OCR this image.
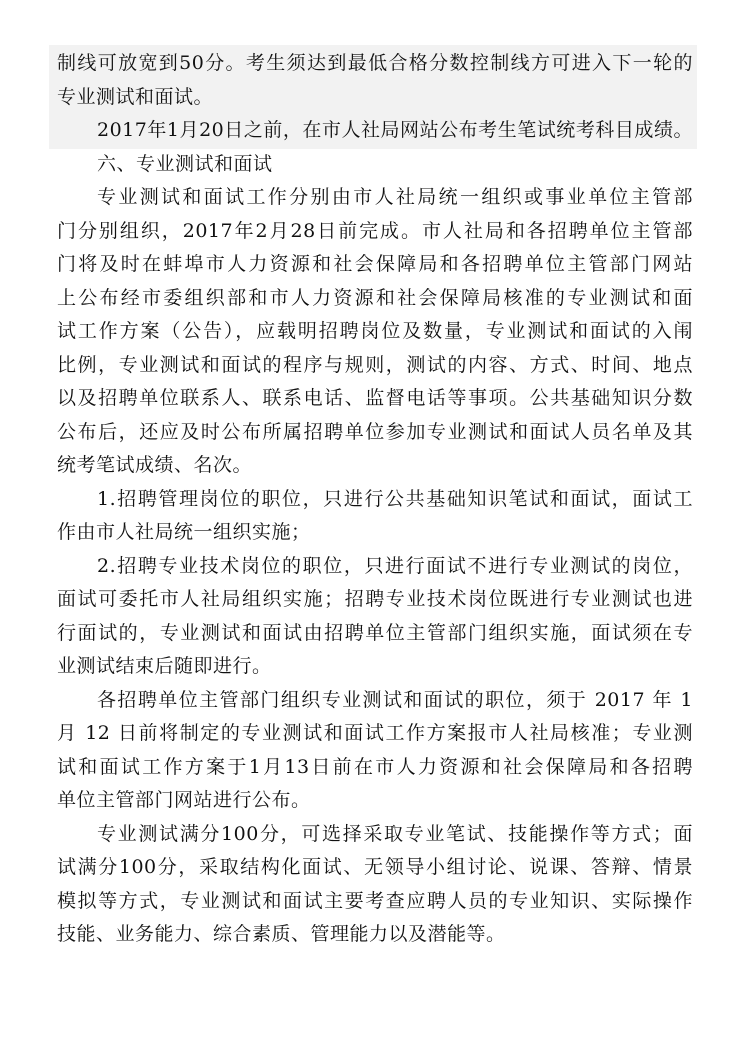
制线可放宽到50分。考生须达到最低合格分数控制线方可进入下一轮的
专业测试和面试。
2017年1月20日之前，在市人社局网站公布考生笔试统考科目成绩。
六、专业测试和面试
专业测试和面试工作分别由市人社局统一组织或事业单位主管部
门分别组织，2017年2月28日前完成。市人社局和各招聘单位主管部
门将及时在蚌埠市人力资源和社会保障局和各招聘单位主管部门网站
上公布经市委组织部和市人力资源和社会保障局核准的专业测试和面
试工作方案（公告），应载明招聘岗位及数量，专业测试和面试的入闱
比例，专业测试和面试的程序与规则，测试的内容、方式、时间、地点
以及招聘单位联系人、联系电话、监督电话等事项。公共基础知识分数
公布后，还应及时公布所属招聘单位参加专业测试和面试人员名单及其
统考笔试成绩、名次。
1.招聘管理岗位的职位，只进行公共基础知识笔试和面试，面试工
作由市人社局统一组织实施；
2.招聘专业技术岗位的职位，只进行面试不进行专业测试的岗位，
面试可委托市人社局组织实施；招聘专业技术岗位既进行专业测试也进
行面试的，专业测试和面试由招聘单位主管部门组织实施，面试须在专
业测试结束后随即进行。
各招聘单位主管部门组织专业测试和面试的职位，须于 2017 年 1
月 12 日前将制定的专业测试和面试工作方案报市人社局核准；专业测
试和面试工作方案于1月13日前在市人力资源和社会保障局和各招聘
单位主管部门网站进行公布。
专业测试满分100分，可选择采取专业笔试、技能操作等方式；面
试满分100分，采取结构化面试、无领导小组讨论、说课、答辩、情景
模拟等方式，专业测试和面试主要考查应聘人员的专业知识、实际操作
技能、业务能力、综合素质、管理能力以及潜能等。
